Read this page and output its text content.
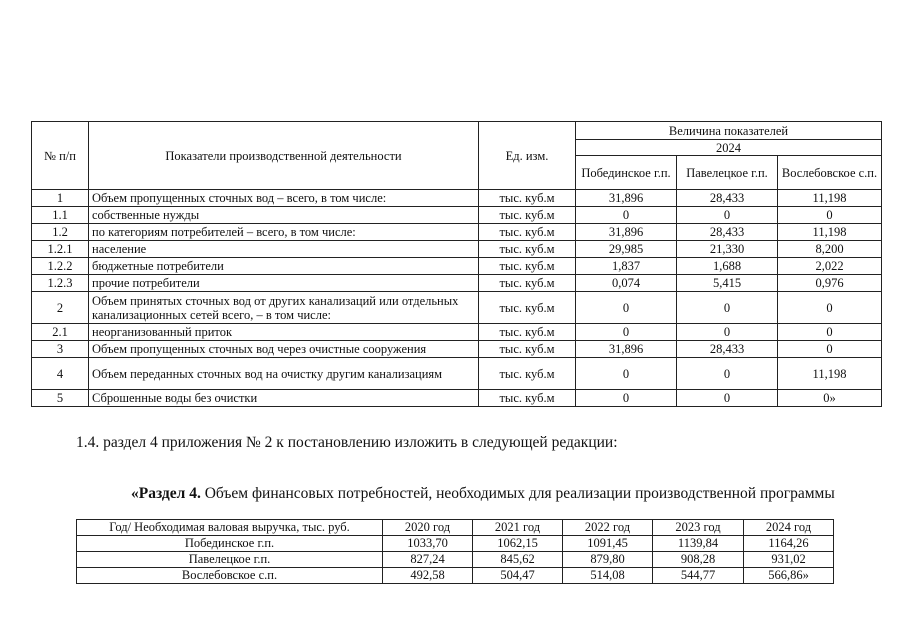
№ п/п	Показатели производственной деятельности	Ед. изм.	Величина показателей		
			2024		
			Побединское г.п.	Павелецкое г.п.	Вослебовское с.п.
1	Объем пропущенных сточных вод – всего, в том числе:	тыс. куб.м	31,896	28,433	11,198
1.1	собственные нужды	тыс. куб.м	0	0	0
1.2	по категориям потребителей – всего, в том числе:	тыс. куб.м	31,896	28,433	11,198
1.2.1	население	тыс. куб.м	29,985	21,330	8,200
1.2.2	бюджетные потребители	тыс. куб.м	1,837	1,688	2,022
1.2.3	прочие потребители	тыс. куб.м	0,074	5,415	0,976
2	Объем принятых сточных вод от других канализаций или отдельных канализационных сетей всего, – в том числе:	тыс. куб.м	0	0	0
2.1	неорганизованный приток	тыс. куб.м	0	0	0
3	Объем пропущенных сточных вод через очистные сооружения	тыс. куб.м	31,896	28,433	0
4	Объем переданных сточных вод на очистку другим канализациям	тыс. куб.м	0	0	11,198
5	Сброшенные воды без очистки	тыс. куб.м	0	0	0»
1.4. раздел 4 приложения № 2 к постановлению изложить в следующей редакции:
«Раздел 4. Объем финансовых потребностей, необходимых для реализации производственной программы
Год/ Необходимая валовая выручка, тыс. руб.	2020 год	2021 год	2022 год	2023 год	2024 год
Побединское г.п.	1033,70	1062,15	1091,45	1139,84	1164,26
Павелецкое г.п.	827,24	845,62	879,80	908,28	931,02
Вослебовское с.п.	492,58	504,47	514,08	544,77	566,86»
